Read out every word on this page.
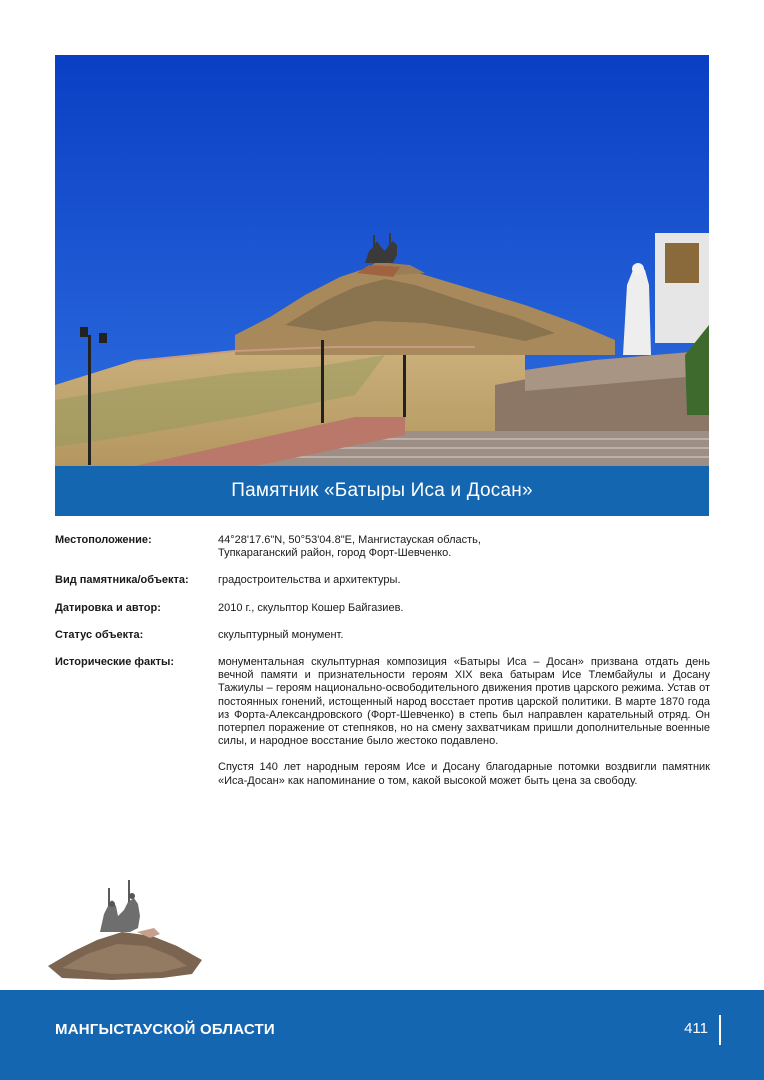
Памятник «Батыры Иса и Досан»
Местоположение:	44°28'17.6"N, 50°53'04.8"E, Мангистауская область,
Тупкараганский район, город Форт-Шевченко.
Вид памятника/объекта:	градостроительства и архитектуры.
Датировка и автор:	2010 г., скульптор Кошер Байгазиев.
Статус объекта:	скульптурный монумент.
Исторические факты:	монументальная скульптурная композиция «Батыры Иса – Досан» призвана отдать день вечной памяти и признательности героям XIX века батырам Исе Тлембайулы и Досану Тажиулы – героям национально-освободительного движения против царского режима. Устав от постоянных гонений, истощенный народ восстает против царской политики. В марте 1870 года из Форта-Александровского (Форт-Шевченко) в степь был направлен карательный отряд. Он потерпел поражение от степняков, но на смену захватчикам пришли дополнительные военные силы, и народное восстание было жестоко подавлено.

Спустя 140 лет народным героям Исе и Досану благодарные потомки воздвигли памятник «Иса-Досан» как напоминание о том, какой высокой может быть цена за свободу.

МАНГЫСТАУСКОЙ ОБЛАСТИ	411
